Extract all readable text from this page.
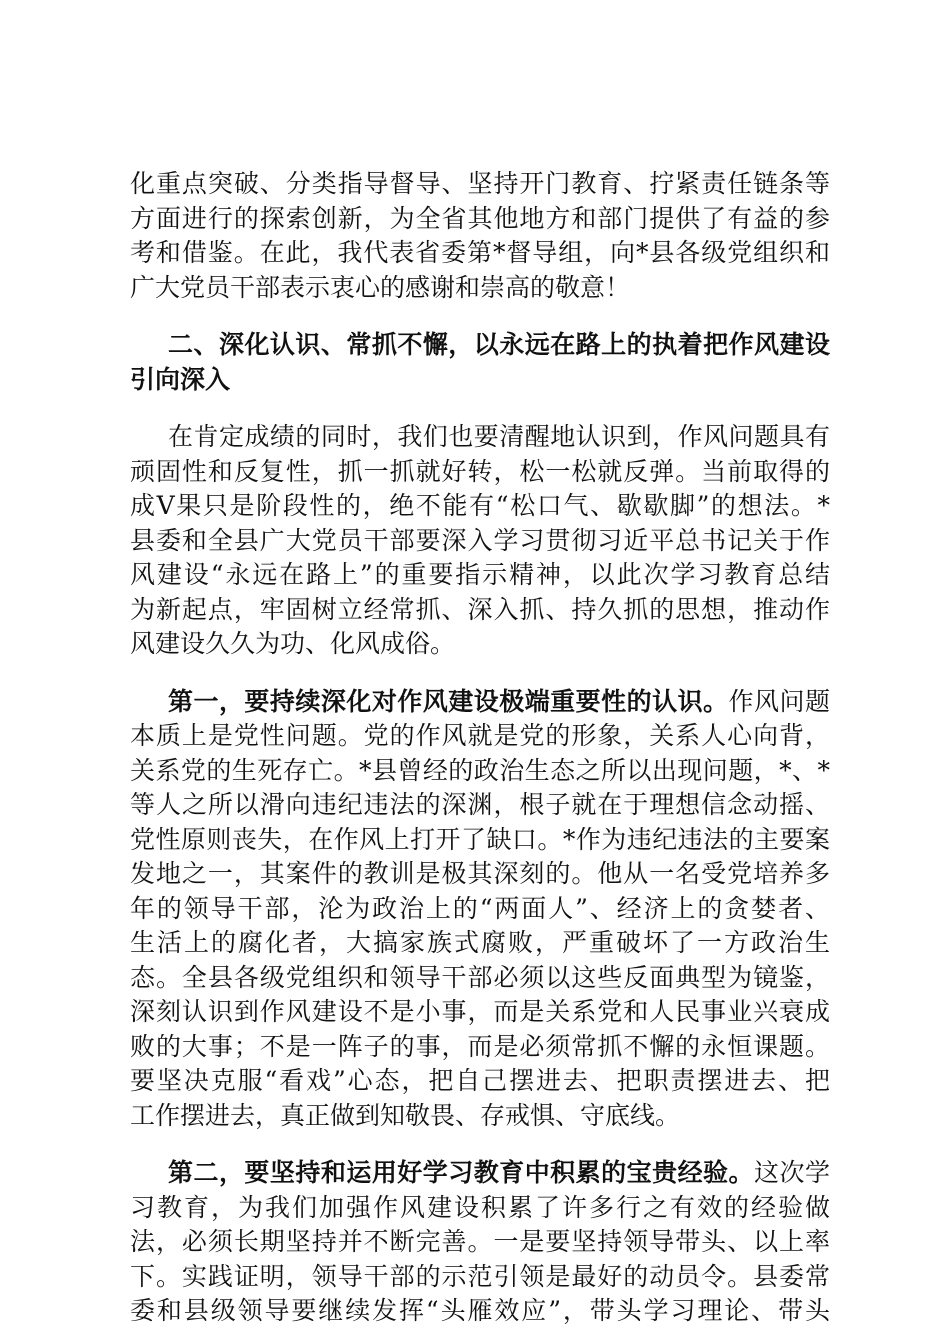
化重点突破、分类指导督导、坚持开门教育、拧紧责任链条等
方面进行的探索创新，为全省其他地方和部门提供了有益的参
考和借鉴。在此，我代表省委第*督导组，向*县各级党组织和
广大党员干部表示衷心的感谢和崇高的敬意！
二、深化认识、常抓不懈，以永远在路上的执着把作风建设
引向深入
在肯定成绩的同时，我们也要清醒地认识到，作风问题具有
顽固性和反复性，抓一抓就好转，松一松就反弹。当前取得的
成Ⅴ果只是阶段性的，绝不能有“松口气、歇歇脚”的想法。*
县委和全县广大党员干部要深入学习贯彻习近平总书记关于作
风建设“永远在路上”的重要指示精神，以此次学习教育总结
为新起点，牢固树立经常抓、深入抓、持久抓的思想，推动作
风建设久久为功、化风成俗。
第一，要持续深化对作风建设极端重要性的认识。作风问题
本质上是党性问题。党的作风就是党的形象，关系人心向背，
关系党的生死存亡。*县曾经的政治生态之所以出现问题，*、*
等人之所以滑向违纪违法的深渊，根子就在于理想信念动摇、
党性原则丧失，在作风上打开了缺口。*作为违纪违法的主要案
发地之一，其案件的教训是极其深刻的。他从一名受党培养多
年的领导干部，沦为政治上的“两面人”、经济上的贪婪者、
生活上的腐化者，大搞家族式腐败，严重破坏了一方政治生
态。全县各级党组织和领导干部必须以这些反面典型为镜鉴，
深刻认识到作风建设不是小事，而是关系党和人民事业兴衰成
败的大事；不是一阵子的事，而是必须常抓不懈的永恒课题。
要坚决克服“看戏”心态，把自己摆进去、把职责摆进去、把
工作摆进去，真正做到知敬畏、存戒惧、守底线。
第二，要坚持和运用好学习教育中积累的宝贵经验。这次学
习教育，为我们加强作风建设积累了许多行之有效的经验做
法，必须长期坚持并不断完善。一是要坚持领导带头、以上率
下。实践证明，领导干部的示范引领是最好的动员令。县委常
委和县级领导要继续发挥“头雁效应”，带头学习理论、带头
